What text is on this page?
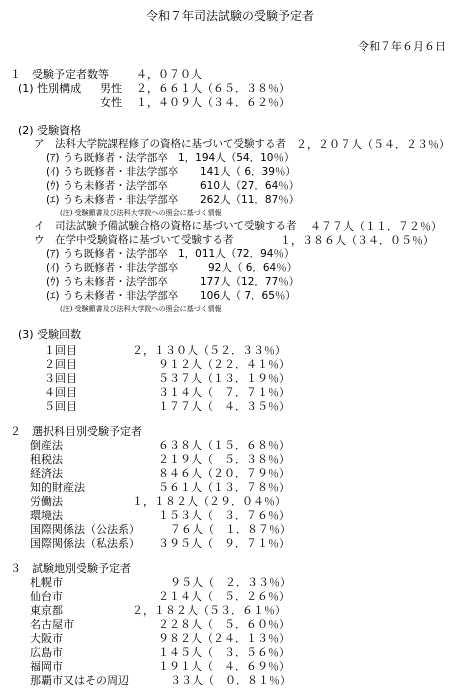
令和７年司法試験の受験予定者
令和７年６月６日
１　受験予定者数等 ４，０７０人
(1) 性別構成 男性 ２，６６１人（６５．３８％）
女性 １，４０９人（３４．６２％）
(2) 受験資格
ア　法科大学院課程修了の資格に基づいて受験する者 ２，２０７人（５４．２３％）
(ｱ) うち既修者・法学部卒 1，194人（54．10％）
(ｲ) うち既修者・非法学部卒 141人（ 6．39％）
(ｳ) うち未修者・法学部卒	610人（27．64％）
(ｴ) うち未修者・非法学部卒 262人（11．87％）
(注) 受験願書及び法科大学院への照会に基づく情報
イ　司法試験予備試験合格の資格に基づいて受験する者 ４７７人（１１．７２％）
ウ　在学中受験資格に基づいて受験する者	１，３８６人（３４．０５％）
(ｱ) うち既修者・法学部卒 1，011人（72．94％）
(ｲ) うち既修者・非法学部卒	92人（ 6．64％）
(ｳ) うち未修者・法学部卒	177人（12．77％）
(ｴ) うち未修者・非法学部卒 106人（ 7．65％）
(注) 受験願書及び法科大学院への照会に基づく情報
(3) 受験回数
１回目	２，１３０人（５２．３３％）
２回目	９１２人（２２．４１％）
３回目	５３７人（１３．１９％）
４回目	３１４人（　７．７１％）
５回目	１７７人（　４．３５％）
２　選択科目別受験予定者
倒産法	６３８人（１５．６８％）
租税法	２１９人（　５．３８％）
経済法	８４６人（２０．７９％）
知的財産法	５６１人（１３．７８％）
労働法	１，１８２人（２９．０４％）
環境法	１５３人（　３．７６％）
国際関係法（公法系）	７６人（　１．８７％）
国際関係法（私法系） ３９５人（　９．７１％）
３　試験地別受験予定者
札幌市	９５人（　２．３３％）
仙台市	２１４人（　５．２６％）
東京都	２，１８２人（５３．６１％）
名古屋市	２２８人（　５．６０％）
大阪市	９８２人（２４．１３％）
広島市	１４５人（　３．５６％）
福岡市	１９１人（　４．６９％）
那覇市又はその周辺	３３人（　０．８１％）
